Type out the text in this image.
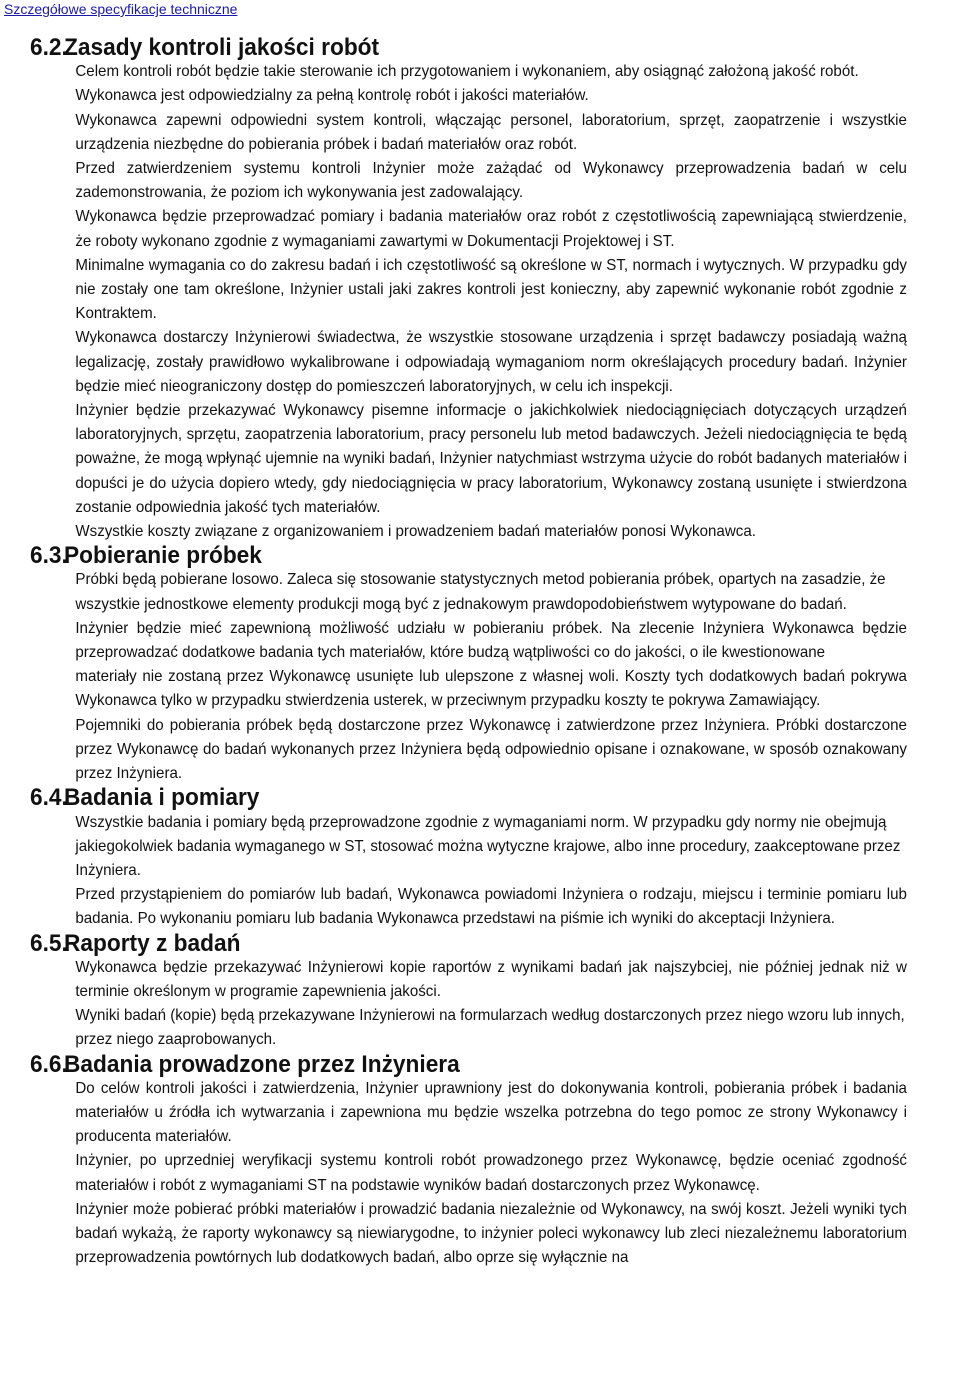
Szczegółowe specyfikacje techniczne
6.2.Zasady kontroli jakości robót

Celem kontroli robót będzie takie sterowanie ich przygotowaniem i wykonaniem, aby osiągnąć założoną jakość robót.

Wykonawca jest odpowiedzialny za pełną kontrolę robót i jakości materiałów.

Wykonawca zapewni odpowiedni system kontroli, włączając personel, laboratorium, sprzęt, zaopatrzenie i wszystkie urządzenia niezbędne do pobierania próbek i badań materiałów oraz robót.

Przed zatwierdzeniem systemu kontroli Inżynier może zażądać od Wykonawcy przeprowadzenia badań w celu zademonstrowania, że poziom ich wykonywania jest zadowalający.

Wykonawca będzie przeprowadzać pomiary i badania materiałów oraz robót z częstotliwością zapewniającą stwierdzenie, że roboty wykonano zgodnie z wymaganiami zawartymi w Dokumentacji Projektowej i ST.

Minimalne wymagania co do zakresu badań i ich częstotliwość są określone w ST, normach i wytycznych. W przypadku gdy nie zostały one tam określone, Inżynier ustali jaki zakres kontroli jest konieczny, aby zapewnić wykonanie robót zgodnie z Kontraktem.

Wykonawca dostarczy Inżynierowi świadectwa, że wszystkie stosowane urządzenia i sprzęt badawczy posiadają ważną legalizację, zostały prawidłowo wykalibrowane i odpowiadają wymaganiom norm określających procedury badań. Inżynier będzie mieć nieograniczony dostęp do pomieszczeń laboratoryjnych, w celu ich inspekcji.

Inżynier będzie przekazywać Wykonawcy pisemne informacje o jakichkolwiek niedociągnięciach dotyczących urządzeń laboratoryjnych, sprzętu, zaopatrzenia laboratorium, pracy personelu lub metod badawczych. Jeżeli niedociągnięcia te będą poważne, że mogą wpłynąć ujemnie na wyniki badań, Inżynier natychmiast wstrzyma użycie do robót badanych materiałów i dopuści je do użycia dopiero wtedy, gdy niedociągnięcia w pracy laboratorium, Wykonawcy zostaną usunięte i stwierdzona zostanie odpowiednia jakość tych materiałów.

Wszystkie koszty związane z organizowaniem i prowadzeniem badań materiałów ponosi Wykonawca.

6.3.Pobieranie próbek

Próbki będą pobierane losowo. Zaleca się stosowanie statystycznych metod pobierania próbek, opartych na zasadzie, że wszystkie jednostkowe elementy produkcji mogą być z jednakowym prawdopodobieństwem wytypowane do badań.

Inżynier będzie mieć zapewnioną możliwość udziału w pobieraniu próbek. Na zlecenie Inżyniera Wykonawca będzie przeprowadzać dodatkowe badania tych materiałów, które budzą wątpliwości co do jakości, o ile kwestionowane

materiały nie zostaną przez Wykonawcę usunięte lub ulepszone z własnej woli. Koszty tych dodatkowych badań pokrywa Wykonawca tylko w przypadku stwierdzenia usterek, w przeciwnym przypadku koszty te pokrywa Zamawiający.

Pojemniki do pobierania próbek będą dostarczone przez Wykonawcę i zatwierdzone przez Inżyniera. Próbki dostarczone przez Wykonawcę do badań wykonanych przez Inżyniera będą odpowiednio opisane i oznakowane, w sposób oznakowany przez Inżyniera.

6.4.Badania i pomiary

Wszystkie badania i pomiary będą przeprowadzone zgodnie z wymaganiami norm. W przypadku gdy normy nie obejmują jakiegokolwiek badania wymaganego w ST, stosować można wytyczne krajowe, albo inne procedury, zaakceptowane przez Inżyniera.

Przed przystąpieniem do pomiarów lub badań, Wykonawca powiadomi Inżyniera o rodzaju, miejscu i terminie pomiaru lub badania. Po wykonaniu pomiaru lub badania Wykonawca przedstawi na piśmie ich wyniki do akceptacji Inżyniera.

6.5.Raporty z badań

Wykonawca będzie przekazywać Inżynierowi kopie raportów z wynikami badań jak najszybciej, nie później jednak niż w terminie określonym w programie zapewnienia jakości.

Wyniki badań (kopie) będą przekazywane Inżynierowi na formularzach według dostarczonych przez niego wzoru lub innych, przez niego zaaprobowanych.

6.6.Badania prowadzone przez Inżyniera

Do celów kontroli jakości i zatwierdzenia, Inżynier uprawniony jest do dokonywania kontroli, pobierania próbek i badania materiałów u źródła ich wytwarzania i zapewniona mu będzie wszelka potrzebna do tego pomoc ze strony Wykonawcy i producenta materiałów.

Inżynier, po uprzedniej weryfikacji systemu kontroli robót prowadzonego przez Wykonawcę, będzie oceniać zgodność materiałów i robót z wymaganiami ST na podstawie wyników badań dostarczonych przez Wykonawcę.

Inżynier może pobierać próbki materiałów i prowadzić badania niezależnie od Wykonawcy, na swój koszt. Jeżeli wyniki tych badań wykażą, że raporty wykonawcy są niewiarygodne, to inżynier poleci wykonawcy lub zleci niezależnemu laboratorium przeprowadzenia powtórnych lub dodatkowych badań, albo oprze się wyłącznie na
